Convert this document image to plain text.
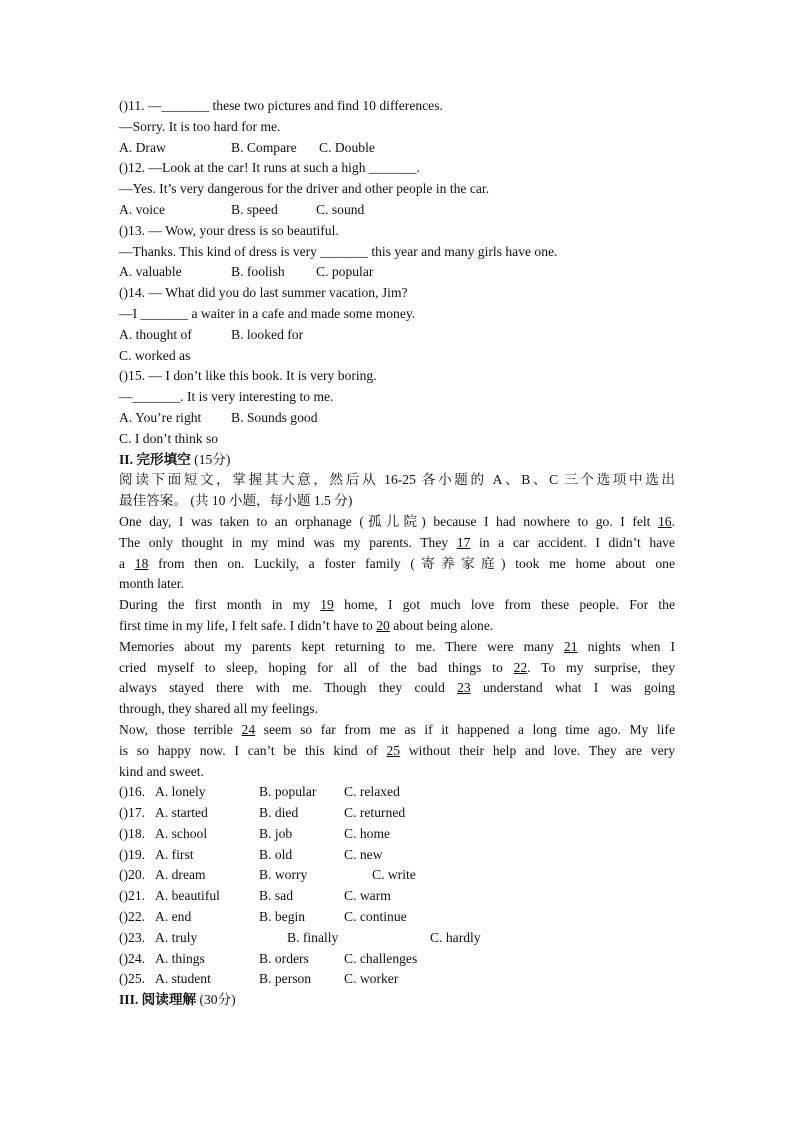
()11. —_______ these two pictures and find 10 differences.
—Sorry. It is too hard for me.
A. Draw	B. Compare C. Double
()12. —Look at the car! It runs at such a high _______.
—Yes. It’s very dangerous for the driver and other people in the car.
A. voice	B. speed	C. sound
()13. — Wow, your dress is so beautiful.
—Thanks. This kind of dress is very _______ this year and many girls have one.
A. valuable	B. foolish C. popular
()14. — What did you do last summer vacation, Jim?
—I _______ a waiter in a cafe and made some money.
A. thought of	B. looked for
C. worked as
()15. — I don’t like this book. It is very boring.
—_______. It is very interesting to me.
A. You’re right B. Sounds good
C. I don’t think so
II. 完形填空 (15分)
阅读下面短文，掌握其大意，然后从 16-25 各小题的 A、B、C 三个选项中选出
最佳答案。 (共 10 小题，每小题 1.5 分)
One day, I was taken to an orphanage (孤儿院) because I had nowhere to go. I felt 16.
The only thought in my mind was my parents. They 17 in a car accident. I didn’t have
a 18 from then on. Luckily, a foster family (寄养家庭) took me home about one
month later.
During the first month in my 19 home, I got much love from these people. For the
first time in my life, I felt safe. I didn’t have to 20 about being alone.
Memories about my parents kept returning to me. There were many 21 nights when I
cried myself to sleep, hoping for all of the bad things to 22. To my surprise, they
always stayed there with me. Though they could 23 understand what I was going
through, they shared all my feelings.
Now, those terrible 24 seem so far from me as if it happened a long time ago. My life
is so happy now. I can’t be this kind of 25 without their help and love. They are very
kind and sweet.
()16. A. lonely	B. popular C. relaxed
()17. A. started	B. died	C. returned
()18. A. school	B. job	C. home
()19. A. first	B. old	C. new
()20. A. dream	B. worry	C. write
()21. A. beautiful	B. sad	C. warm
()22. A. end	B. begin	C. continue
()23. A. truly	B. finally	C. hardly
()24. A. things	B. orders	C. challenges
()25. A. student	B. person C. worker
III. 阅读理解 (30分)
